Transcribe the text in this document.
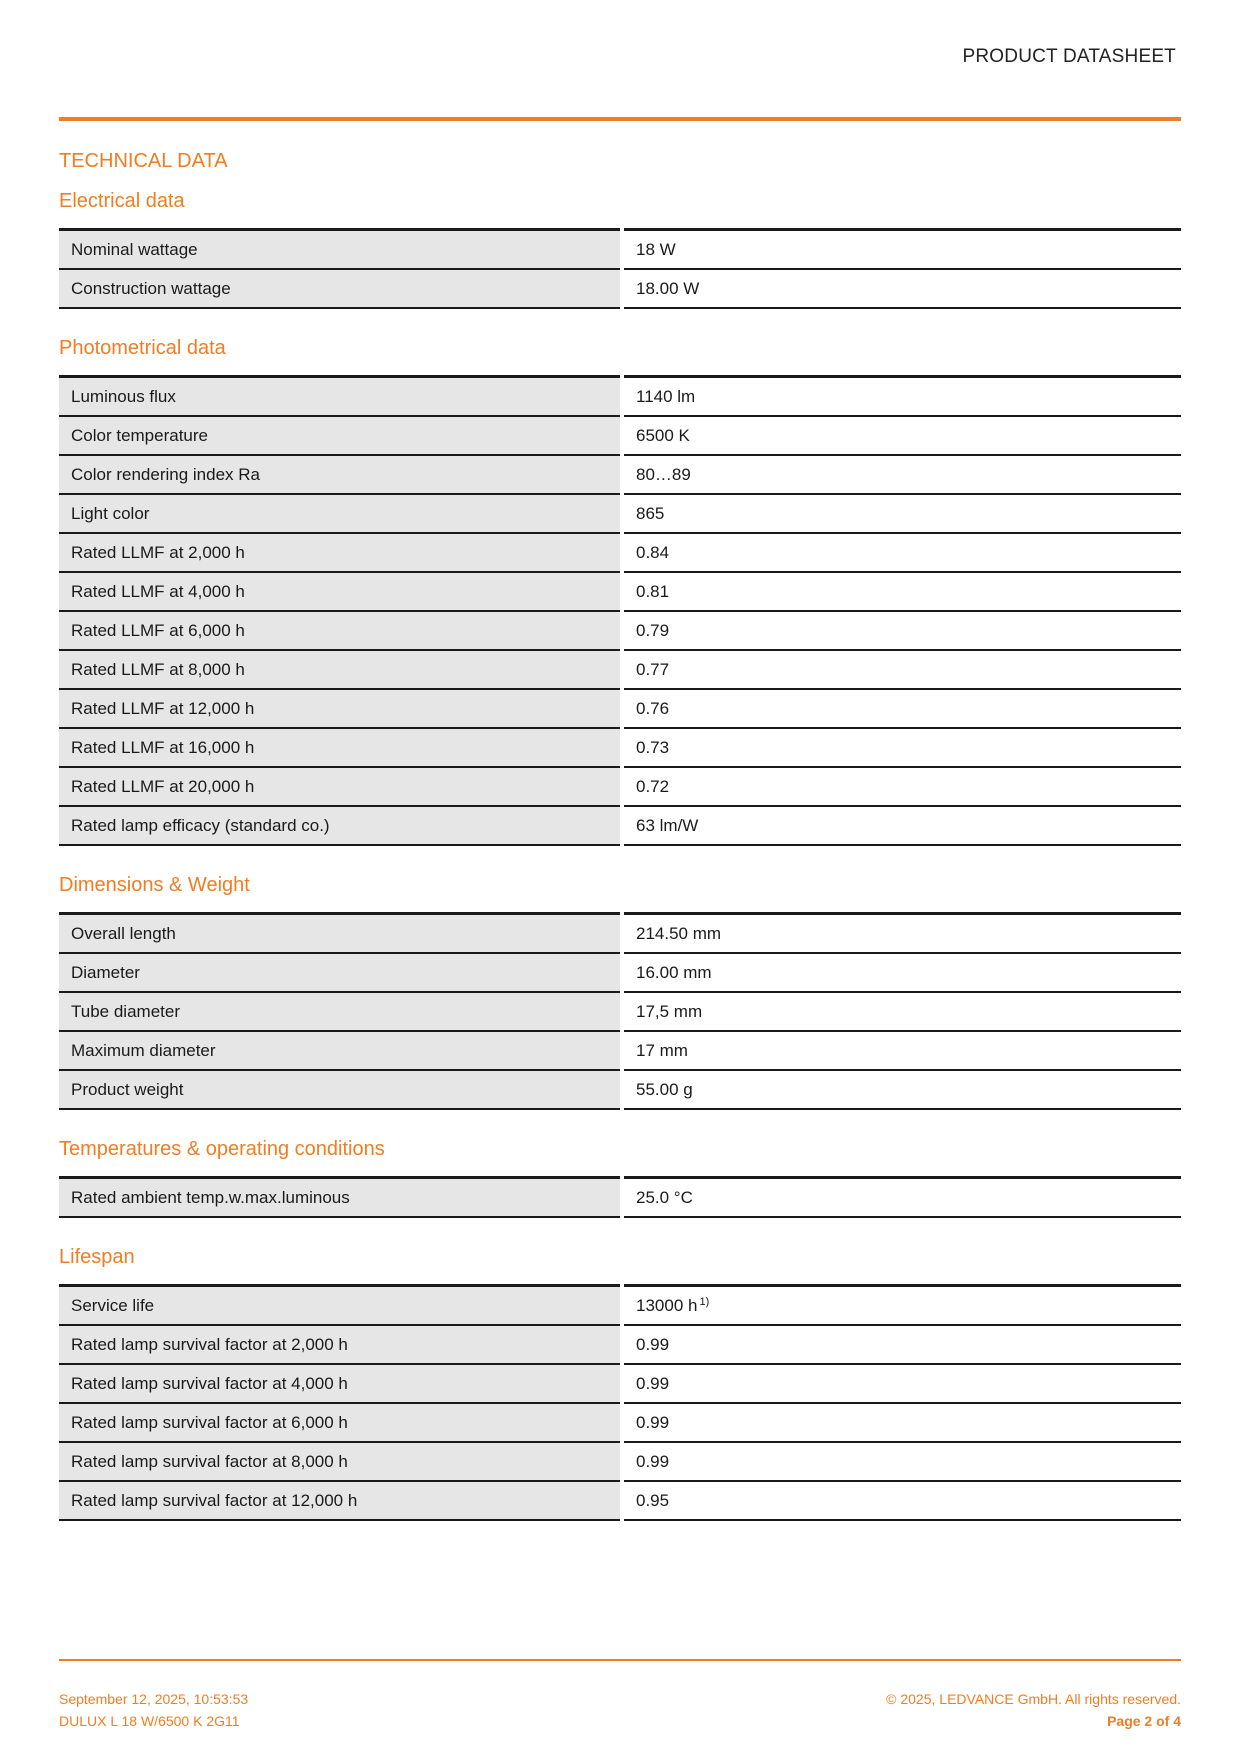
PRODUCT DATASHEET
TECHNICAL DATA
Electrical data
Nominal wattage	18 W
Construction wattage	18.00 W
Photometrical data
Luminous flux	1140 lm
Color temperature	6500 K
Color rendering index Ra	80…89
Light color	865
Rated LLMF at 2,000 h	0.84
Rated LLMF at 4,000 h	0.81
Rated LLMF at 6,000 h	0.79
Rated LLMF at 8,000 h	0.77
Rated LLMF at 12,000 h	0.76
Rated LLMF at 16,000 h	0.73
Rated LLMF at 20,000 h	0.72
Rated lamp efficacy (standard co.)	63 lm/W
Dimensions & Weight
Overall length	214.50 mm
Diameter	16.00 mm
Tube diameter	17,5 mm
Maximum diameter	17 mm
Product weight	55.00 g
Temperatures & operating conditions
Rated ambient temp.w.max.luminous	25.0 °C
Lifespan
Service life	13000 h $^{1)}$
Rated lamp survival factor at 2,000 h	0.99
Rated lamp survival factor at 4,000 h	0.99
Rated lamp survival factor at 6,000 h	0.99
Rated lamp survival factor at 8,000 h	0.99
Rated lamp survival factor at 12,000 h	0.95
September 12, 2025, 10:53:53
DULUX L 18 W/6500 K 2G11
© 2025, LEDVANCE GmbH. All rights reserved.
Page 2 of 4
